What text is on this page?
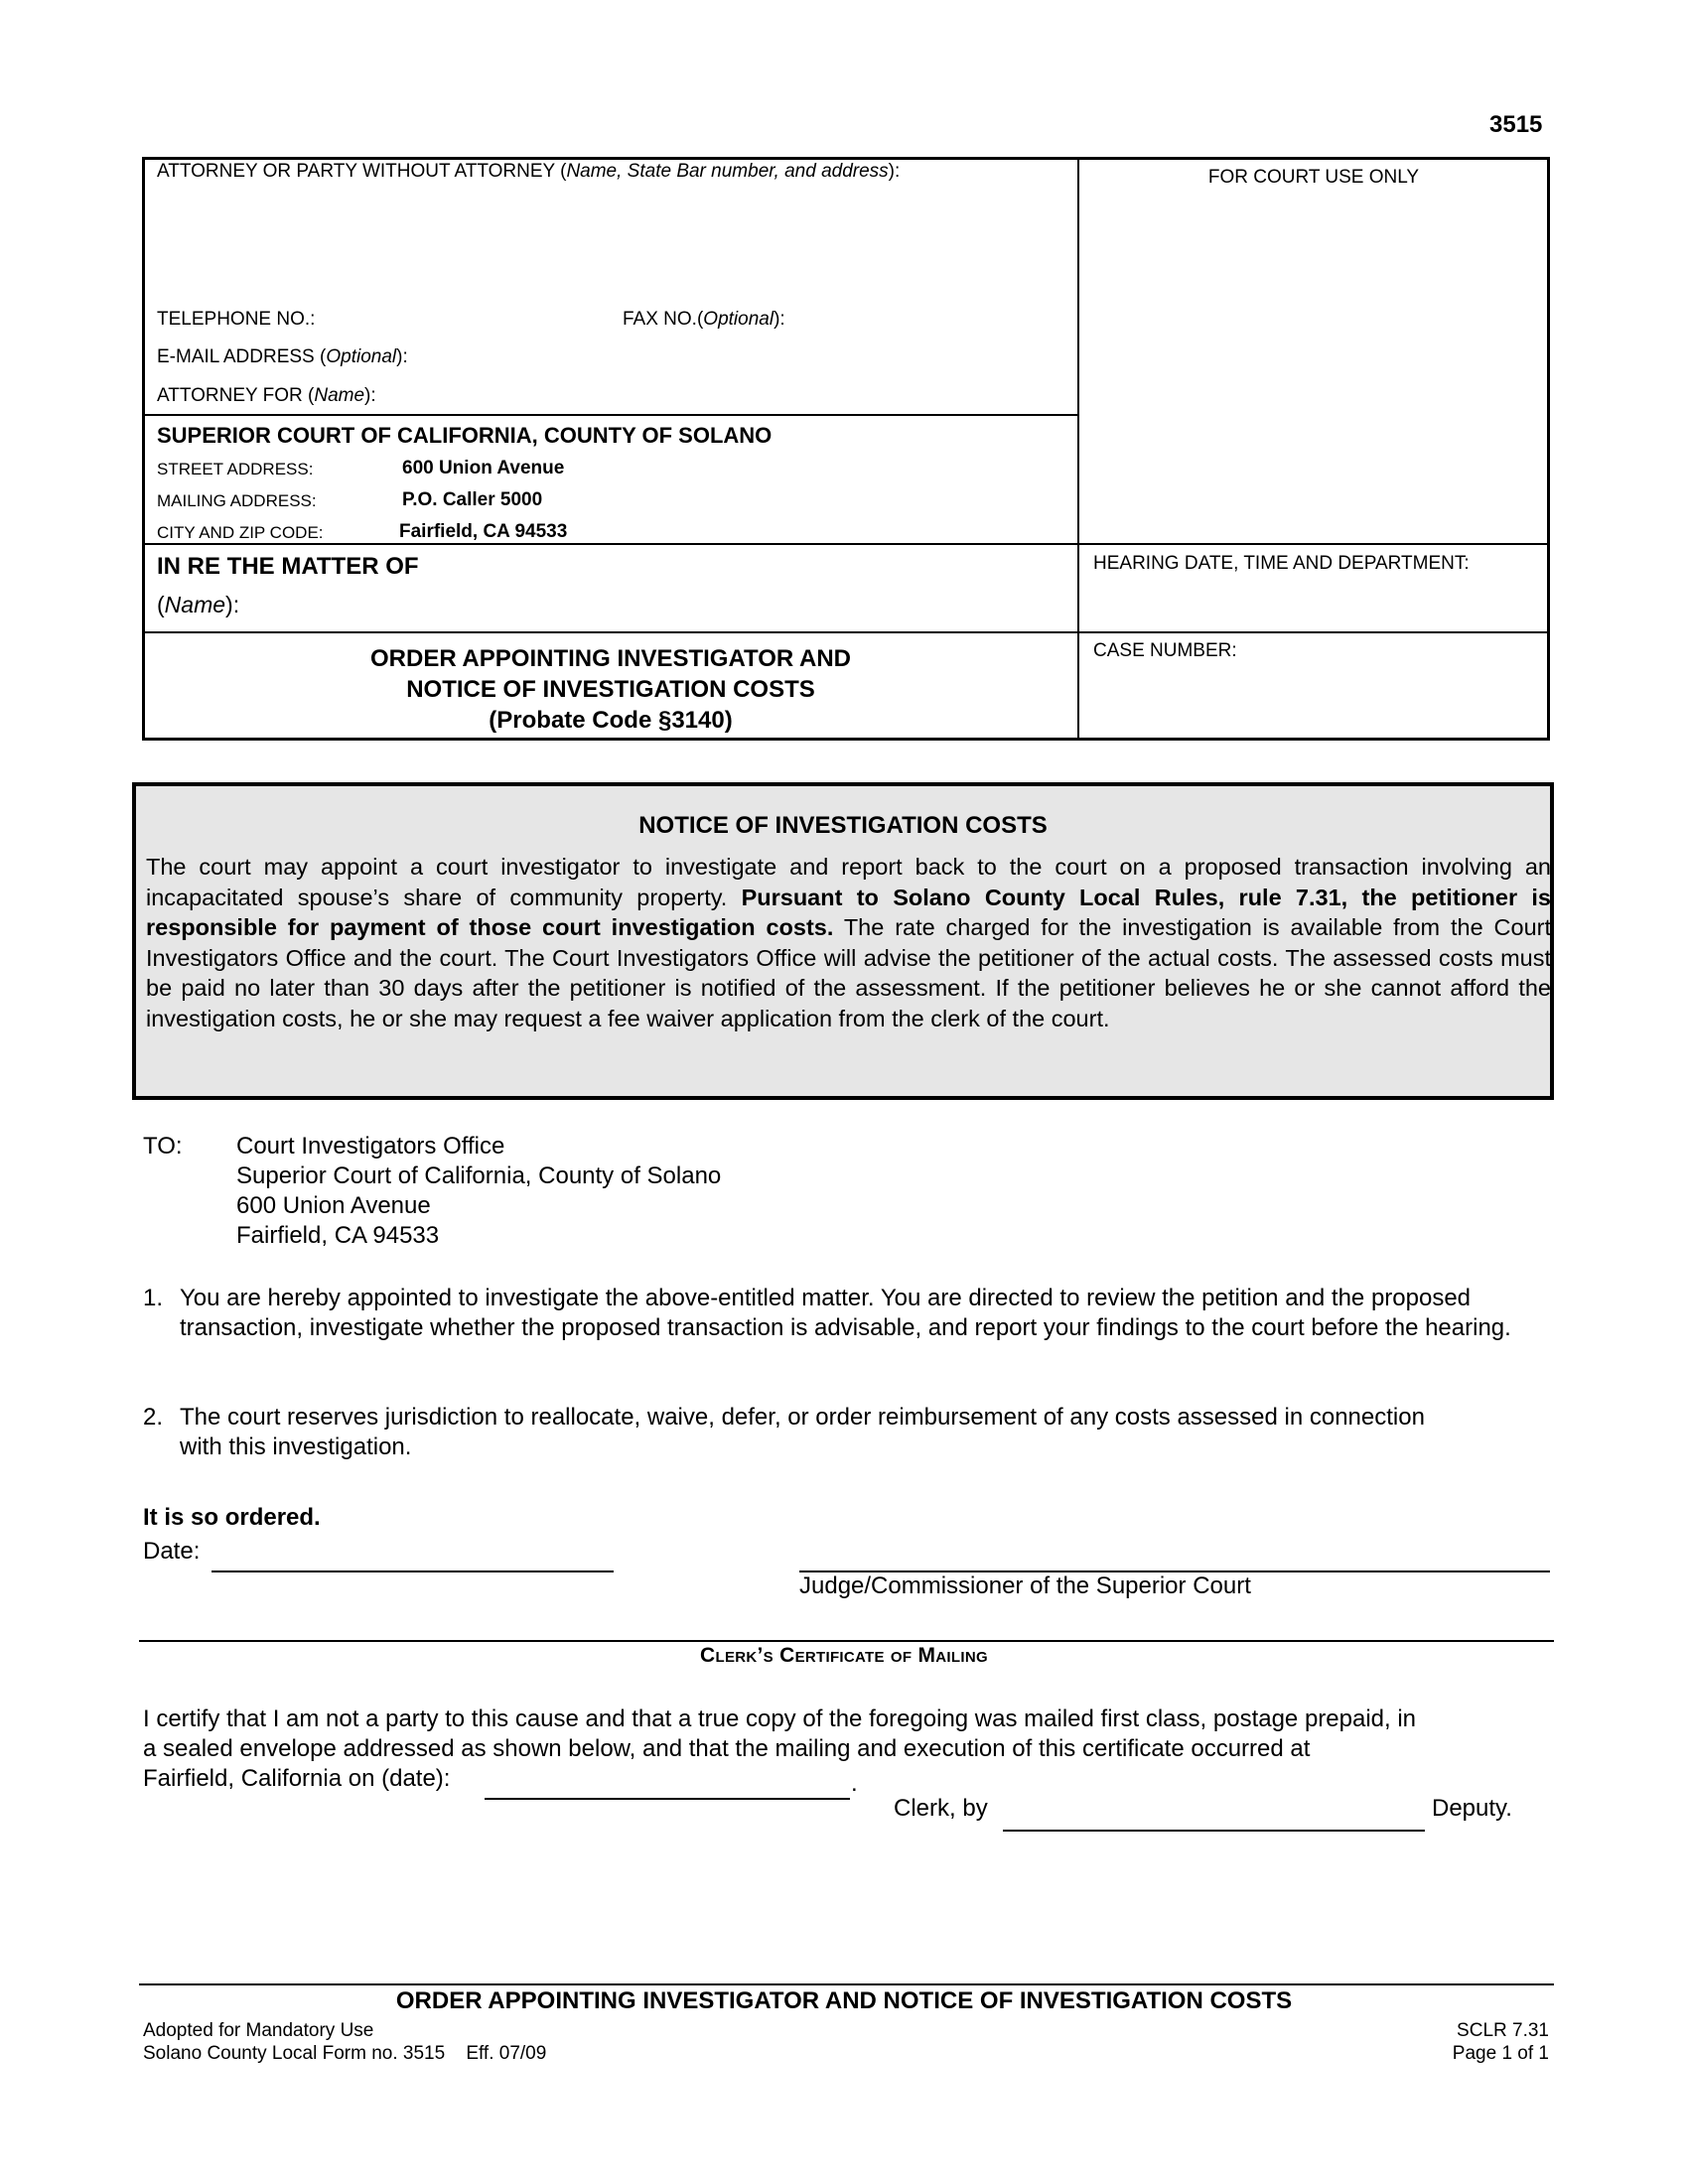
3515
ATTORNEY OR PARTY WITHOUT ATTORNEY (Name, State Bar number, and address):
TELEPHONE NO.:	FAX NO.(Optional):
E-MAIL ADDRESS (Optional):
ATTORNEY FOR (Name):
FOR COURT USE ONLY
SUPERIOR COURT OF CALIFORNIA, COUNTY OF SOLANO
STREET ADDRESS:	600 Union Avenue
MAILING ADDRESS:	P.O. Caller 5000
CITY AND ZIP CODE:	Fairfield, CA 94533
IN RE THE MATTER OF
(Name):
HEARING DATE, TIME AND DEPARTMENT:
ORDER APPOINTING INVESTIGATOR AND
NOTICE OF INVESTIGATION COSTS
(Probate Code §3140)
CASE NUMBER:
NOTICE OF INVESTIGATION COSTS
The court may appoint a court investigator to investigate and report back to the court on a proposed transaction involving an incapacitated spouse’s share of community property. Pursuant to Solano County Local Rules, rule 7.31, the petitioner is responsible for payment of those court investigation costs. The rate charged for the investigation is available from the Court Investigators Office and the court. The Court Investigators Office will advise the petitioner of the actual costs. The assessed costs must be paid no later than 30 days after the petitioner is notified of the assessment. If the petitioner believes he or she cannot afford the investigation costs, he or she may request a fee waiver application from the clerk of the court.
TO: Court Investigators Office
Superior Court of California, County of Solano
600 Union Avenue
Fairfield, CA 94533
1. You are hereby appointed to investigate the above-entitled matter. You are directed to review the petition and the proposed transaction, investigate whether the proposed transaction is advisable, and report your findings to the court before the hearing.
2. The court reserves jurisdiction to reallocate, waive, defer, or order reimbursement of any costs assessed in connection with this investigation.
It is so ordered.
Date:
Judge/Commissioner of the Superior Court
Clerk’s Certificate of Mailing
I certify that I am not a party to this cause and that a true copy of the foregoing was mailed first class, postage prepaid, in
a sealed envelope addressed as shown below, and that the mailing and execution of this certificate occurred at
Fairfield, California on (date):	.
Clerk, by	Deputy.
ORDER APPOINTING INVESTIGATOR AND NOTICE OF INVESTIGATION COSTS
Adopted for Mandatory Use
Solano County Local Form no. 3515 Eff. 07/09
SCLR 7.31
Page 1 of 1
